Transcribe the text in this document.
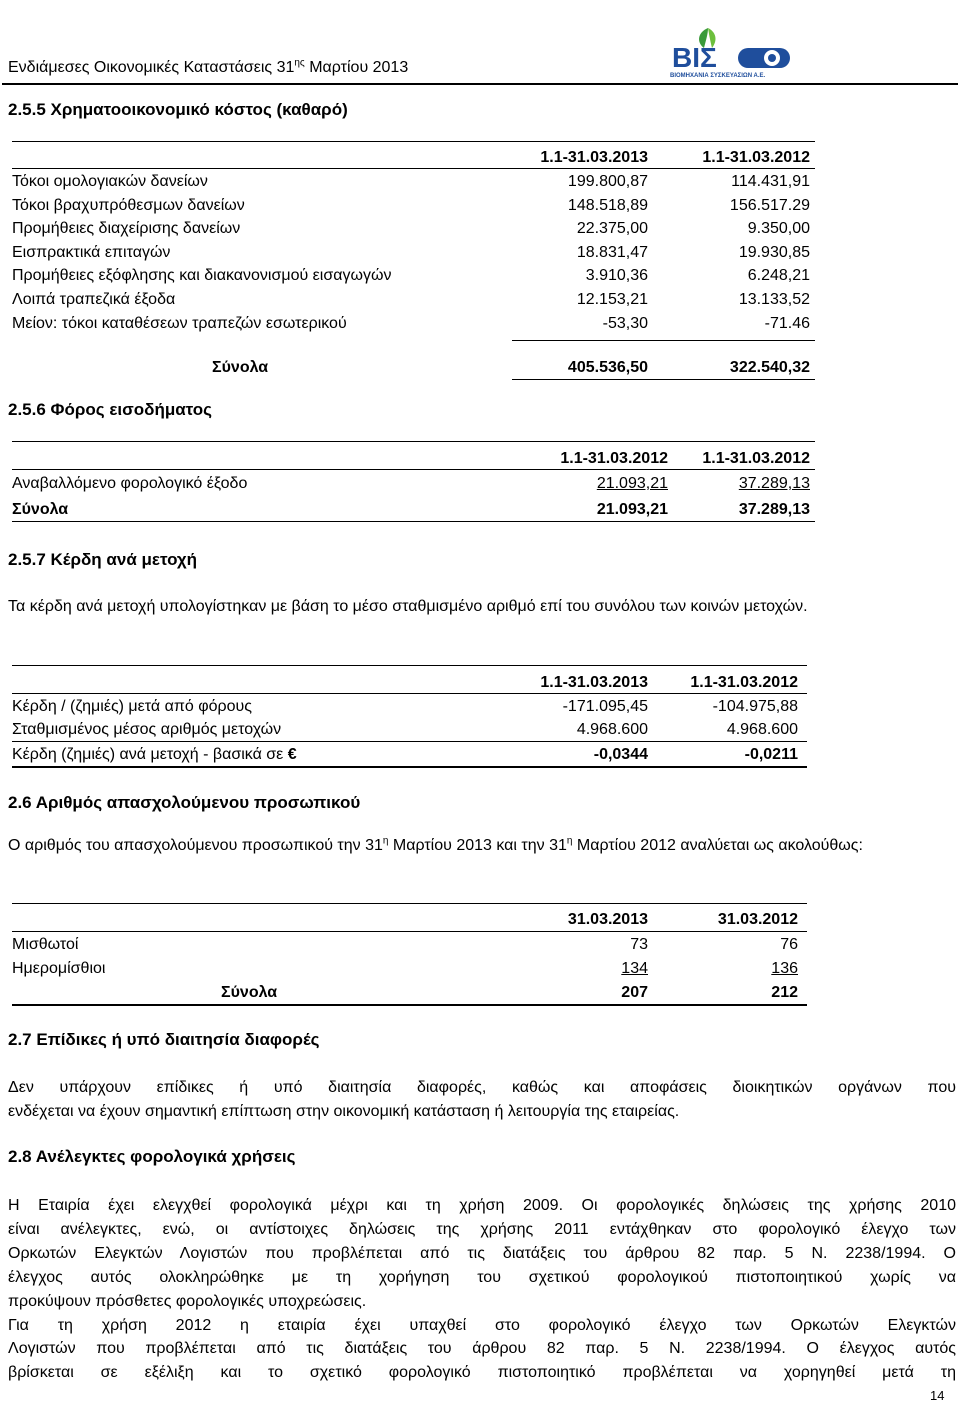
Ενδιάμεσες Οικονομικές Καταστάσεις $31^{\eta\varsigma}$ Μαρτίου 2013	ΒΙΣ
ΒΙΟΜΗΧΑΝΙΑ ΣΥΣΚΕΥΑΣΙΩΝ Α.Ε.
2.5.5 Χρηματοοικονομικό κόστος (καθαρό)
1.1-31.03.2013	1.1-31.03.2012
Τόκοι ομολογιακών δανείων	199.800,87	114.431,91
Τόκοι βραχυπρόθεσμων δανείων	148.518,89	156.517.29
Προμήθειες διαχείρισης δανείων	22.375,00	9.350,00
Εισπρακτικά επιταγών	18.831,47	19.930,85
Προμήθειες εξόφλησης και διακανονισμού εισαγωγών	3.910,36	6.248,21
Λοιπά τραπεζικά έξοδα	12.153,21	13.133,52
Μείον: τόκοι καταθέσεων τραπεζών εσωτερικού	-53,30	-71.46
Σύνολα	405.536,50	322.540,32
2.5.6 Φόρος εισοδήματος
1.1-31.03.2012	1.1-31.03.2012
Αναβαλλόμενο φορολογικό έξοδο	21.093,21	37.289,13
Σύνολα	21.093,21	37.289,13
2.5.7 Κέρδη ανά μετοχή
Τα κέρδη ανά μετοχή υπολογίστηκαν με βάση το μέσο σταθμισμένο αριθμό επί του συνόλου των κοινών μετοχών.
1.1-31.03.2013	1.1-31.03.2012
Κέρδη / (ζημιές) μετά από φόρους	-171.095,45	-104.975,88
Σταθμισμένος μέσος αριθμός μετοχών	4.968.600	4.968.600
Κέρδη (ζημιές) ανά μετοχή - βασικά σε €	-0,0344	-0,0211
2.6 Αριθμός απασχολούμενου προσωπικού
Ο αριθμός του απασχολούμενου προσωπικού την $31^\eta$ Μαρτίου 2013 και την $31^\eta$ Μαρτίου 2012 αναλύεται ως ακολούθως:
31.03.2013	31.03.2012
Μισθωτοί	73	76
Ημερομίσθιοι	134	136
Σύνολα	207	212
2.7 Επίδικες ή υπό διαιτησία διαφορές
Δεν υπάρχουν επίδικες ή υπό διαιτησία διαφορές, καθώς και αποφάσεις διοικητικών οργάνων που
ενδέχεται να έχουν σημαντική επίπτωση στην οικονομική κατάσταση ή λειτουργία της εταιρείας.
2.8 Ανέλεγκτες φορολογικά χρήσεις
Η Εταιρία έχει ελεγχθεί φορολογικά μέχρι και τη χρήση 2009. Οι φορολογικές δηλώσεις της χρήσης 2010
είναι ανέλεγκτες, ενώ, οι αντίστοιχες δηλώσεις της χρήσης 2011 εντάχθηκαν στο φορολογικό έλεγχο των
Ορκωτών Ελεγκτών Λογιστών που προβλέπεται από τις διατάξεις του άρθρου 82 παρ. 5 Ν. 2238/1994. Ο
έλεγχος αυτός ολοκληρώθηκε με τη χορήγηση του σχετικού φορολογικού πιστοποιητικού χωρίς να
προκύψουν πρόσθετες φορολογικές υποχρεώσεις.
Για τη χρήση 2012 η εταιρία έχει υπαχθεί στο φορολογικό έλεγχο των Ορκωτών Ελεγκτών
Λογιστών που προβλέπεται από τις διατάξεις του άρθρου 82 παρ. 5 Ν. 2238/1994. Ο έλεγχος αυτός
βρίσκεται σε εξέλιξη και το σχετικό φορολογικό πιστοποιητικό προβλέπεται να χορηγηθεί μετά τη
14
